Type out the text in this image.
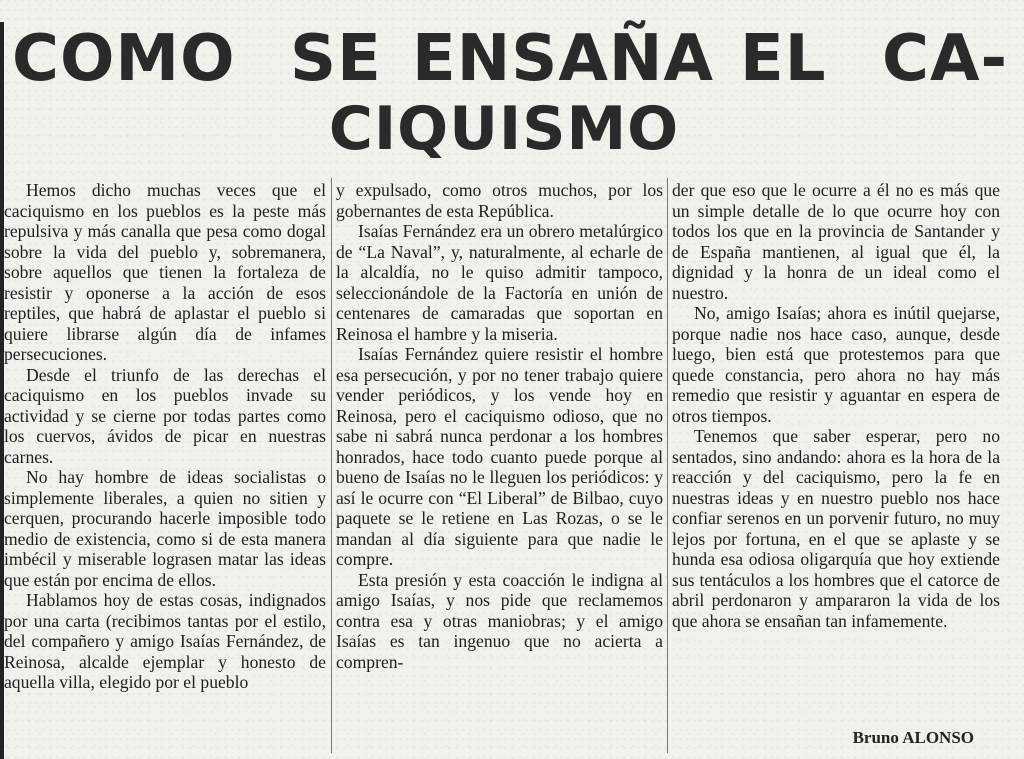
COMO SE ENSAÑA EL CA-
CIQUISMO

Hemos dicho muchas veces que el caciquismo en los pueblos es la peste más repulsiva y más canalla que pesa como dogal sobre la vida del pueblo y, sobremanera, sobre aquellos que tienen la fortaleza de resistir y oponerse a la acción de esos reptiles, que habrá de aplastar el pueblo si quiere librarse algún día de infames persecuciones.

Desde el triunfo de las derechas el caciquismo en los pueblos invade su actividad y se cierne por todas partes como los cuervos, ávidos de picar en nuestras carnes.

No hay hombre de ideas socialistas o simplemente liberales, a quien no sitien y cerquen, procurando hacerle imposible todo medio de existencia, como si de esta manera imbécil y miserable lograsen matar las ideas que están por encima de ellos.

Hablamos hoy de estas cosas, indignados por una carta (recibimos tantas por el estilo, del compañero y amigo Isaías Fernández, de Reinosa, alcalde ejemplar y honesto de aquella villa, elegido por el pueblo

y expulsado, como otros muchos, por los gobernantes de esta República.

Isaías Fernández era un obrero metalúrgico de “La Naval”, y, naturalmente, al echarle de la alcaldía, no le quiso admitir tampoco, seleccionándole de la Factoría en unión de centenares de camaradas que soportan en Reinosa el hambre y la miseria.

Isaías Fernández quiere resistir el hombre esa persecución, y por no tener trabajo quiere vender periódicos, y los vende hoy en Reinosa, pero el caciquismo odioso, que no sabe ni sabrá nunca perdonar a los hombres honrados, hace todo cuanto puede porque al bueno de Isaías no le lleguen los periódicos: y así le ocurre con “El Liberal” de Bilbao, cuyo paquete se le retiene en Las Rozas, o se le mandan al día siguiente para que nadie le compre.

Esta presión y esta coacción le indigna al amigo Isaías, y nos pide que reclamemos contra esa y otras maniobras; y el amigo Isaías es tan ingenuo que no acierta a compren-

der que eso que le ocurre a él no es más que un simple detalle de lo que ocurre hoy con todos los que en la provincia de Santander y de España mantienen, al igual que él, la dignidad y la honra de un ideal como el nuestro.

No, amigo Isaías; ahora es inútil quejarse, porque nadie nos hace caso, aunque, desde luego, bien está que protestemos para que quede constancia, pero ahora no hay más remedio que resistir y aguantar en espera de otros tiempos.

Tenemos que saber esperar, pero no sentados, sino andando: ahora es la hora de la reacción y del caciquismo, pero la fe en nuestras ideas y en nuestro pueblo nos hace confiar serenos en un porvenir futuro, no muy lejos por fortuna, en el que se aplaste y se hunda esa odiosa oligarquía que hoy extiende sus tentáculos a los hombres que el catorce de abril perdonaron y ampararon la vida de los que ahora se ensañan tan infamemente.

Bruno ALONSO
